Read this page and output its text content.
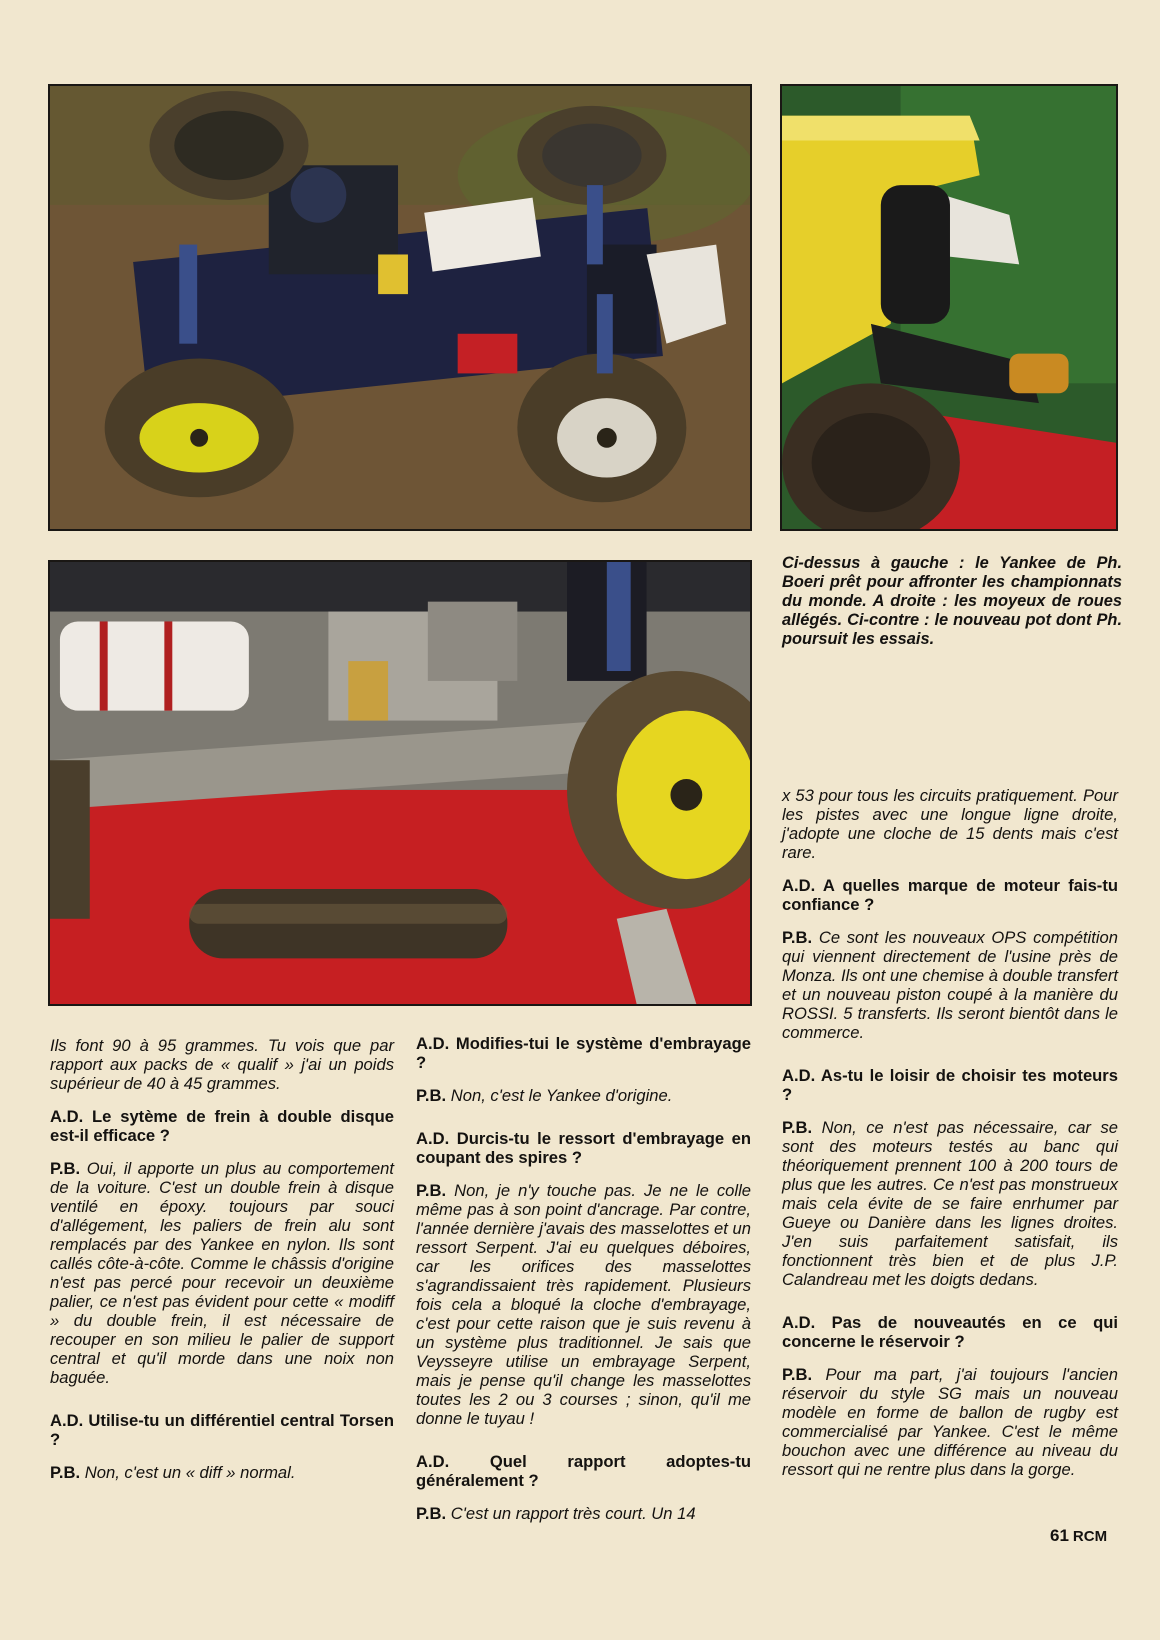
Ci-dessus à gauche : le Yankee de Ph. Boeri prêt pour affronter les championnats du monde. A droite : les moyeux de roues allégés. Ci-contre : le nouveau pot dont Ph. poursuit les essais.

Ils font 90 à 95 grammes. Tu vois que par rapport aux packs de « qualif » j'ai un poids supérieur de 40 à 45 grammes.

A.D. Le sytème de frein à double disque est-il efficace ?

P.B. Oui, il apporte un plus au comportement de la voiture. C'est un double frein à disque ventilé en époxy. toujours par souci d'allégement, les paliers de frein alu sont remplacés par des Yankee en nylon. Ils sont callés côte-à-côte. Comme le châssis d'origine n'est pas percé pour recevoir un deuxième palier, ce n'est pas évident pour cette « modiff » du double frein, il est nécessaire de recouper en son milieu le palier de support central et qu'il morde dans une noix non baguée.

A.D. Utilise-tu un différentiel central Torsen ?

P.B. Non, c'est un « diff » normal.

A.D. Modifies-tui le système d'embrayage ?

P.B. Non, c'est le Yankee d'origine.

A.D. Durcis-tu le ressort d'embrayage en coupant des spires ?

P.B. Non, je n'y touche pas. Je ne le colle même pas à son point d'ancrage. Par contre, l'année dernière j'avais des masselottes et un ressort Serpent. J'ai eu quelques déboires, car les orifices des masselottes s'agrandissaient très rapidement. Plusieurs fois cela a bloqué la cloche d'embrayage, c'est pour cette raison que je suis revenu à un système plus traditionnel. Je sais que Veysseyre utilise un embrayage Serpent, mais je pense qu'il change les masselottes toutes les 2 ou 3 courses ; sinon, qu'il me donne le tuyau !

A.D. Quel rapport adoptes-tu généralement ?

P.B. C'est un rapport très court. Un 14

x 53 pour tous les circuits pratiquement. Pour les pistes avec une longue ligne droite, j'adopte une cloche de 15 dents mais c'est rare.

A.D. A quelles marque de moteur fais-tu confiance ?

P.B. Ce sont les nouveaux OPS compétition qui viennent directement de l'usine près de Monza. Ils ont une chemise à double transfert et un nouveau piston coupé à la manière du ROSSI. 5 transferts. Ils seront bientôt dans le commerce.

A.D. As-tu le loisir de choisir tes moteurs ?

P.B. Non, ce n'est pas nécessaire, car se sont des moteurs testés au banc qui théoriquement prennent 100 à 200 tours de plus que les autres. Ce n'est pas monstrueux mais cela évite de se faire enrhumer par Gueye ou Danière dans les lignes droites. J'en suis parfaitement satisfait, ils fonctionnent très bien et de plus J.P. Calandreau met les doigts dedans.

A.D. Pas de nouveautés en ce qui concerne le réservoir ?

P.B. Pour ma part, j'ai toujours l'ancien réservoir du style SG mais un nouveau modèle en forme de ballon de rugby est commercialisé par Yankee. C'est le même bouchon avec une différence au niveau du ressort qui ne rentre plus dans la gorge.

61 RCM
